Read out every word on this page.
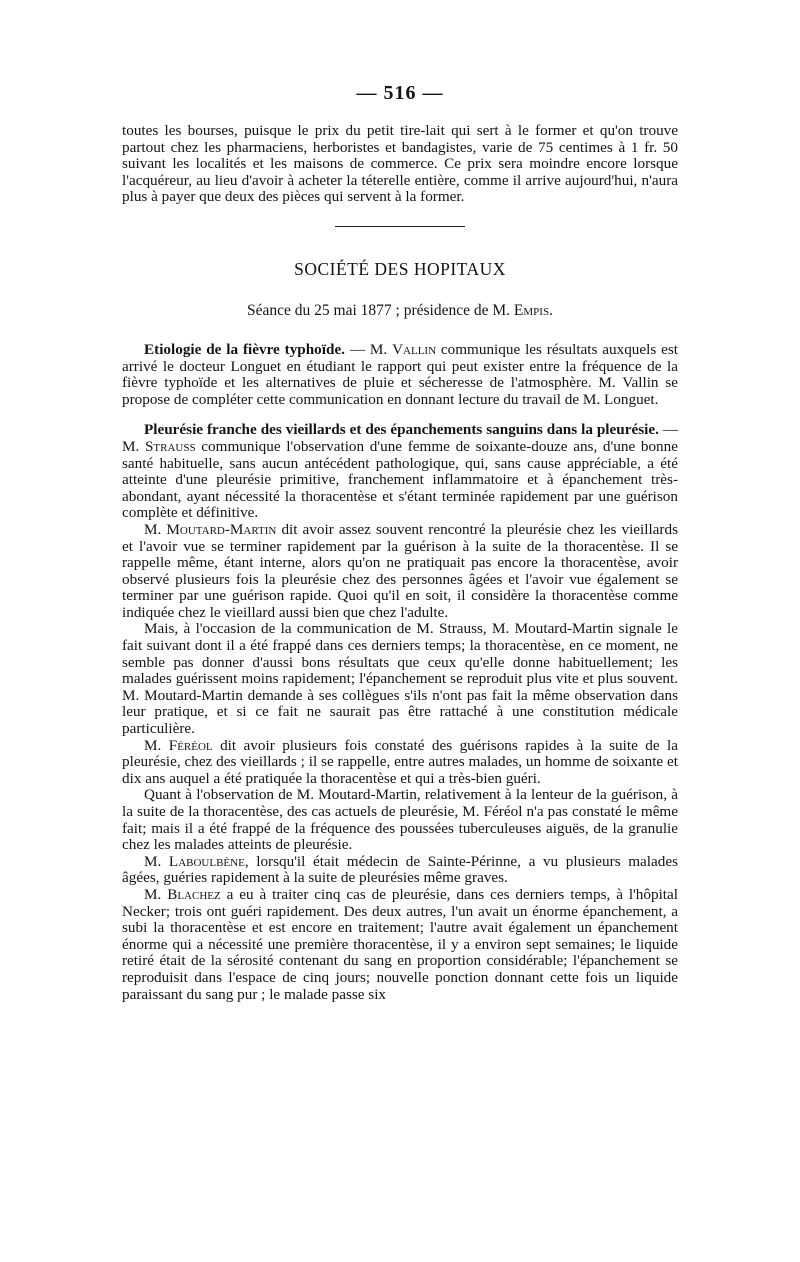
— 516 —

toutes les bourses, puisque le prix du petit tire-lait qui sert à le former et qu'on trouve partout chez les pharmaciens, herboristes et bandagistes, varie de 75 centimes à 1 fr. 50 suivant les localités et les maisons de commerce. Ce prix sera moindre encore lorsque l'acquéreur, au lieu d'avoir à acheter la téterelle entière, comme il arrive aujourd'hui, n'aura plus à payer que deux des pièces qui servent à la former.

SOCIÉTÉ DES HOPITAUX
Séance du 25 mai 1877 ; présidence de M. Empis.

Etiologie de la fièvre typhoïde. — M. Vallin communique les résultats auxquels est arrivé le docteur Longuet en étudiant le rapport qui peut exister entre la fréquence de la fièvre typhoïde et les alternatives de pluie et sécheresse de l'atmosphère. M. Vallin se propose de compléter cette communication en donnant lecture du travail de M. Longuet.

Pleurésie franche des vieillards et des épanchements sanguins dans la pleurésie. — M. Strauss communique l'observation d'une femme de soixante-douze ans, d'une bonne santé habituelle, sans aucun antécédent pathologique, qui, sans cause appréciable, a été atteinte d'une pleurésie primitive, franchement inflammatoire et à épanchement très-abondant, ayant nécessité la thoracentèse et s'étant terminée rapidement par une guérison complète et définitive.

M. Moutard-Martin dit avoir assez souvent rencontré la pleurésie chez les vieillards et l'avoir vue se terminer rapidement par la guérison à la suite de la thoracentèse. Il se rappelle même, étant interne, alors qu'on ne pratiquait pas encore la thoracentèse, avoir observé plusieurs fois la pleurésie chez des personnes âgées et l'avoir vue également se terminer par une guérison rapide. Quoi qu'il en soit, il considère la thoracentèse comme indiquée chez le vieillard aussi bien que chez l'adulte.

Mais, à l'occasion de la communication de M. Strauss, M. Moutard-Martin signale le fait suivant dont il a été frappé dans ces derniers temps; la thoracentèse, en ce moment, ne semble pas donner d'aussi bons résultats que ceux qu'elle donne habituellement; les malades guérissent moins rapidement; l'épanchement se reproduit plus vite et plus souvent. M. Moutard-Martin demande à ses collègues s'ils n'ont pas fait la même observation dans leur pratique, et si ce fait ne saurait pas être rattaché à une constitution médicale particulière.

M. Féréol dit avoir plusieurs fois constaté des guérisons rapides à la suite de la pleurésie, chez des vieillards ; il se rappelle, entre autres malades, un homme de soixante et dix ans auquel a été pratiquée la thoracentèse et qui a très-bien guéri.

Quant à l'observation de M. Moutard-Martin, relativement à la lenteur de la guérison, à la suite de la thoracentèse, des cas actuels de pleurésie, M. Féréol n'a pas constaté le même fait; mais il a été frappé de la fréquence des poussées tuberculeuses aiguës, de la granulie chez les malades atteints de pleurésie.

M. Laboulbène, lorsqu'il était médecin de Sainte-Périnne, a vu plusieurs malades âgées, guéries rapidement à la suite de pleurésies même graves.

M. Blachez a eu à traiter cinq cas de pleurésie, dans ces derniers temps, à l'hôpital Necker; trois ont guéri rapidement. Des deux autres, l'un avait un énorme épanchement, a subi la thoracentèse et est encore en traitement; l'autre avait également un épanchement énorme qui a nécessité une première thoracentèse, il y a environ sept semaines; le liquide retiré était de la sérosité contenant du sang en proportion considérable; l'épanchement se reproduisit dans l'espace de cinq jours; nouvelle ponction donnant cette fois un liquide paraissant du sang pur ; le malade passe six
